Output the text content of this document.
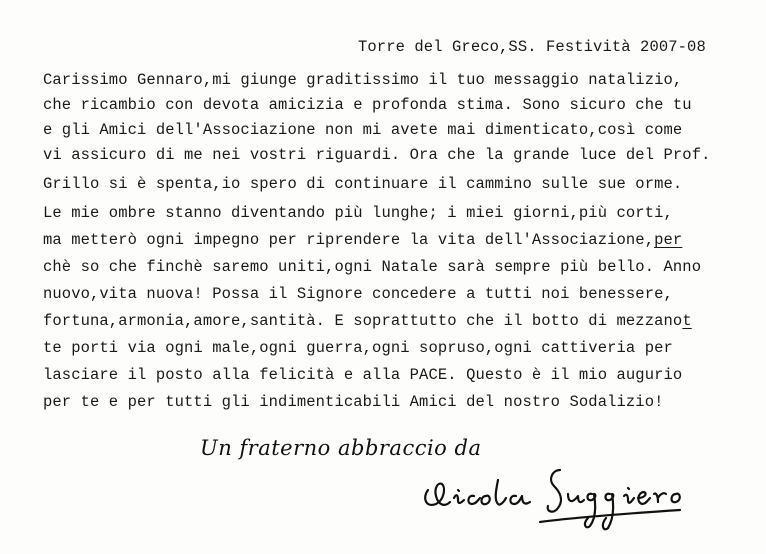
Torre del Greco,SS. Festività 2007-08
Carissimo Gennaro,mi giunge graditissimo il tuo messaggio natalizio,
che ricambio con devota amicizia e profonda stima. Sono sicuro che tu
e gli Amici dell'Associazione non mi avete mai dimenticato,così come
vi assicuro di me nei vostri riguardi. Ora che la grande luce del Prof.
Grillo si è spenta,io spero di continuare il cammino sulle sue orme.
Le mie ombre stanno diventando più lunghe; i miei giorni,più corti,
ma metterò ogni impegno per riprendere la vita dell'Associazione,per
chè so che finchè saremo uniti,ogni Natale sarà sempre più bello. Anno
nuovo,vita nuova! Possa il Signore concedere a tutti noi benessere,
fortuna,armonia,amore,santità. E soprattutto che il botto di mezzanot
te porti via ogni male,ogni guerra,ogni sopruso,ogni cattiveria per
lasciare il posto alla felicità e alla PACE. Questo è il mio augurio
per te e per tutti gli indimenticabili Amici del nostro Sodalizio!
Un fraterno abbraccio da
Nicola Ruggiero
